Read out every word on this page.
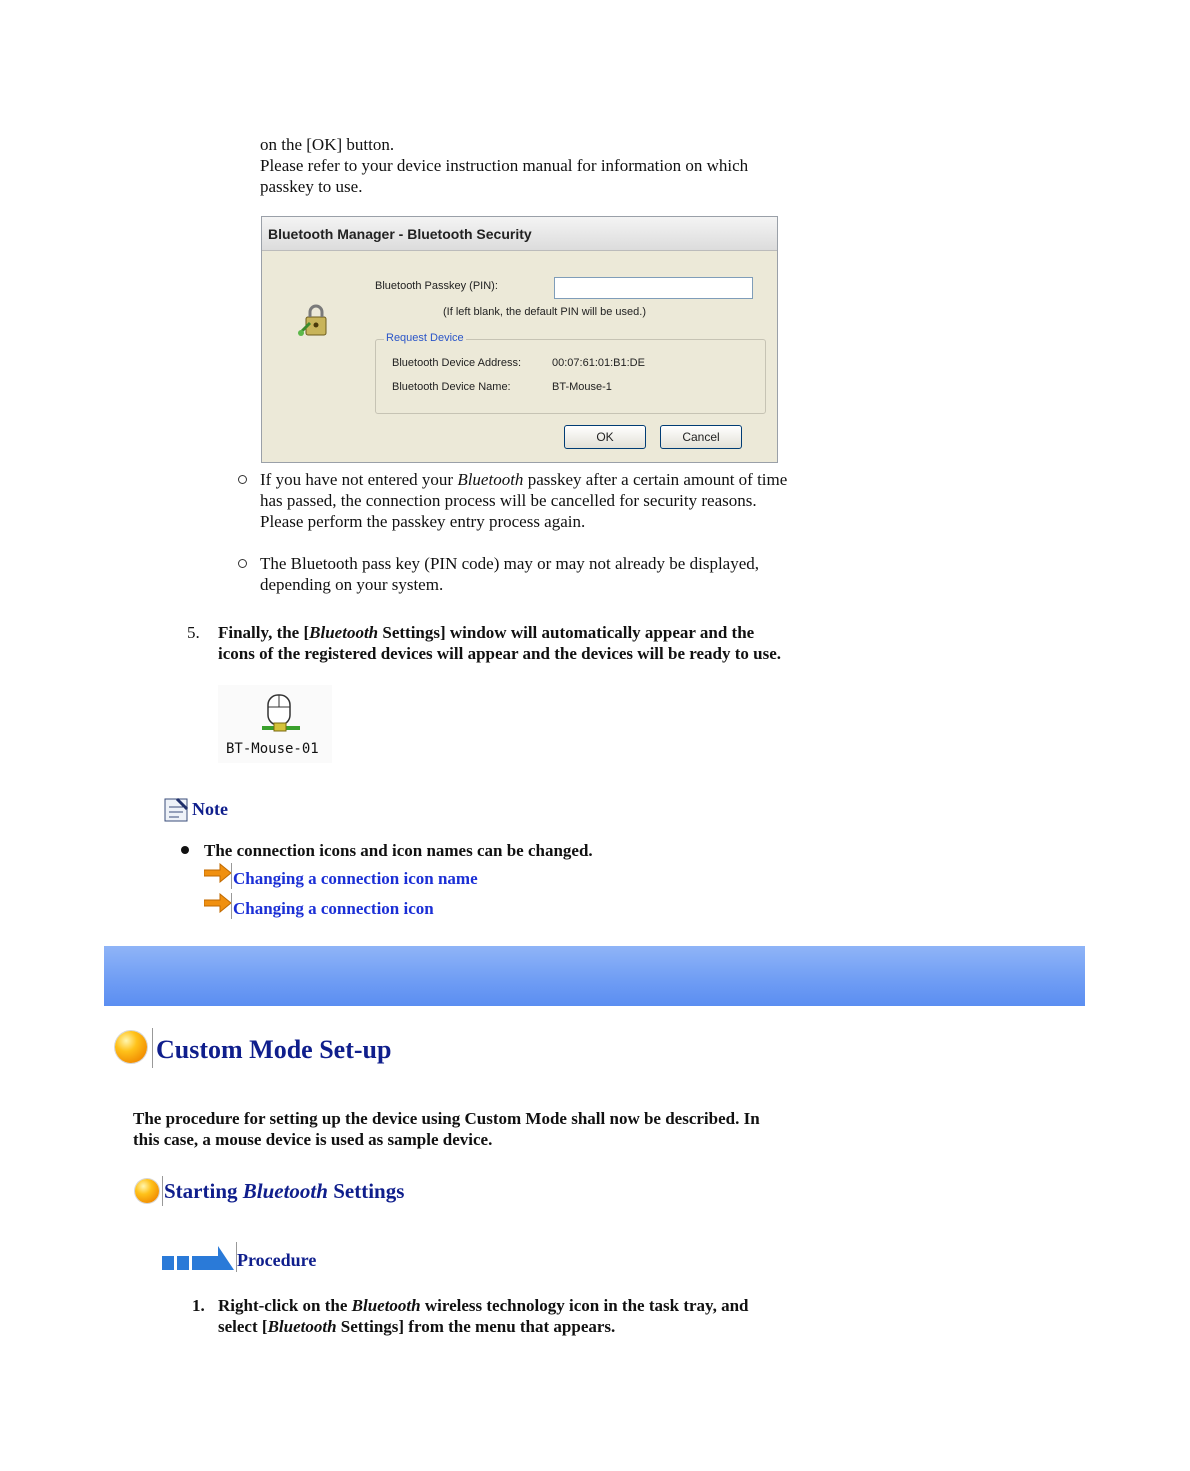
on the [OK] button.

Please refer to your device instruction manual for information on which

passkey to use.

Bluetooth Manager - Bluetooth Security
Bluetooth Passkey (PIN):
(If left blank, the default PIN will be used.)
Request Device
Bluetooth Device Address:	00:07:61:01:B1:DE
Bluetooth Device Name:	BT-Mouse-1
OK	Cancel

If you have not entered your Bluetooth passkey after a certain amount of time

has passed, the connection process will be cancelled for security reasons.

Please perform the passkey entry process again.

The Bluetooth pass key (PIN code) may or may not already be displayed,

depending on your system.

5. Finally, the [Bluetooth Settings] window will automatically appear and the

icons of the registered devices will appear and the devices will be ready to use.

BT-Mouse-01
Note
The connection icons and icon names can be changed.
Changing a connection icon name
Changing a connection icon
Custom Mode Set-up

The procedure for setting up the device using Custom Mode shall now be described. In

this case, a mouse device is used as sample device.

Starting Bluetooth Settings
Procedure
1. Right-click on the Bluetooth wireless technology icon in the task tray, and

select [Bluetooth Settings] from the menu that appears.
